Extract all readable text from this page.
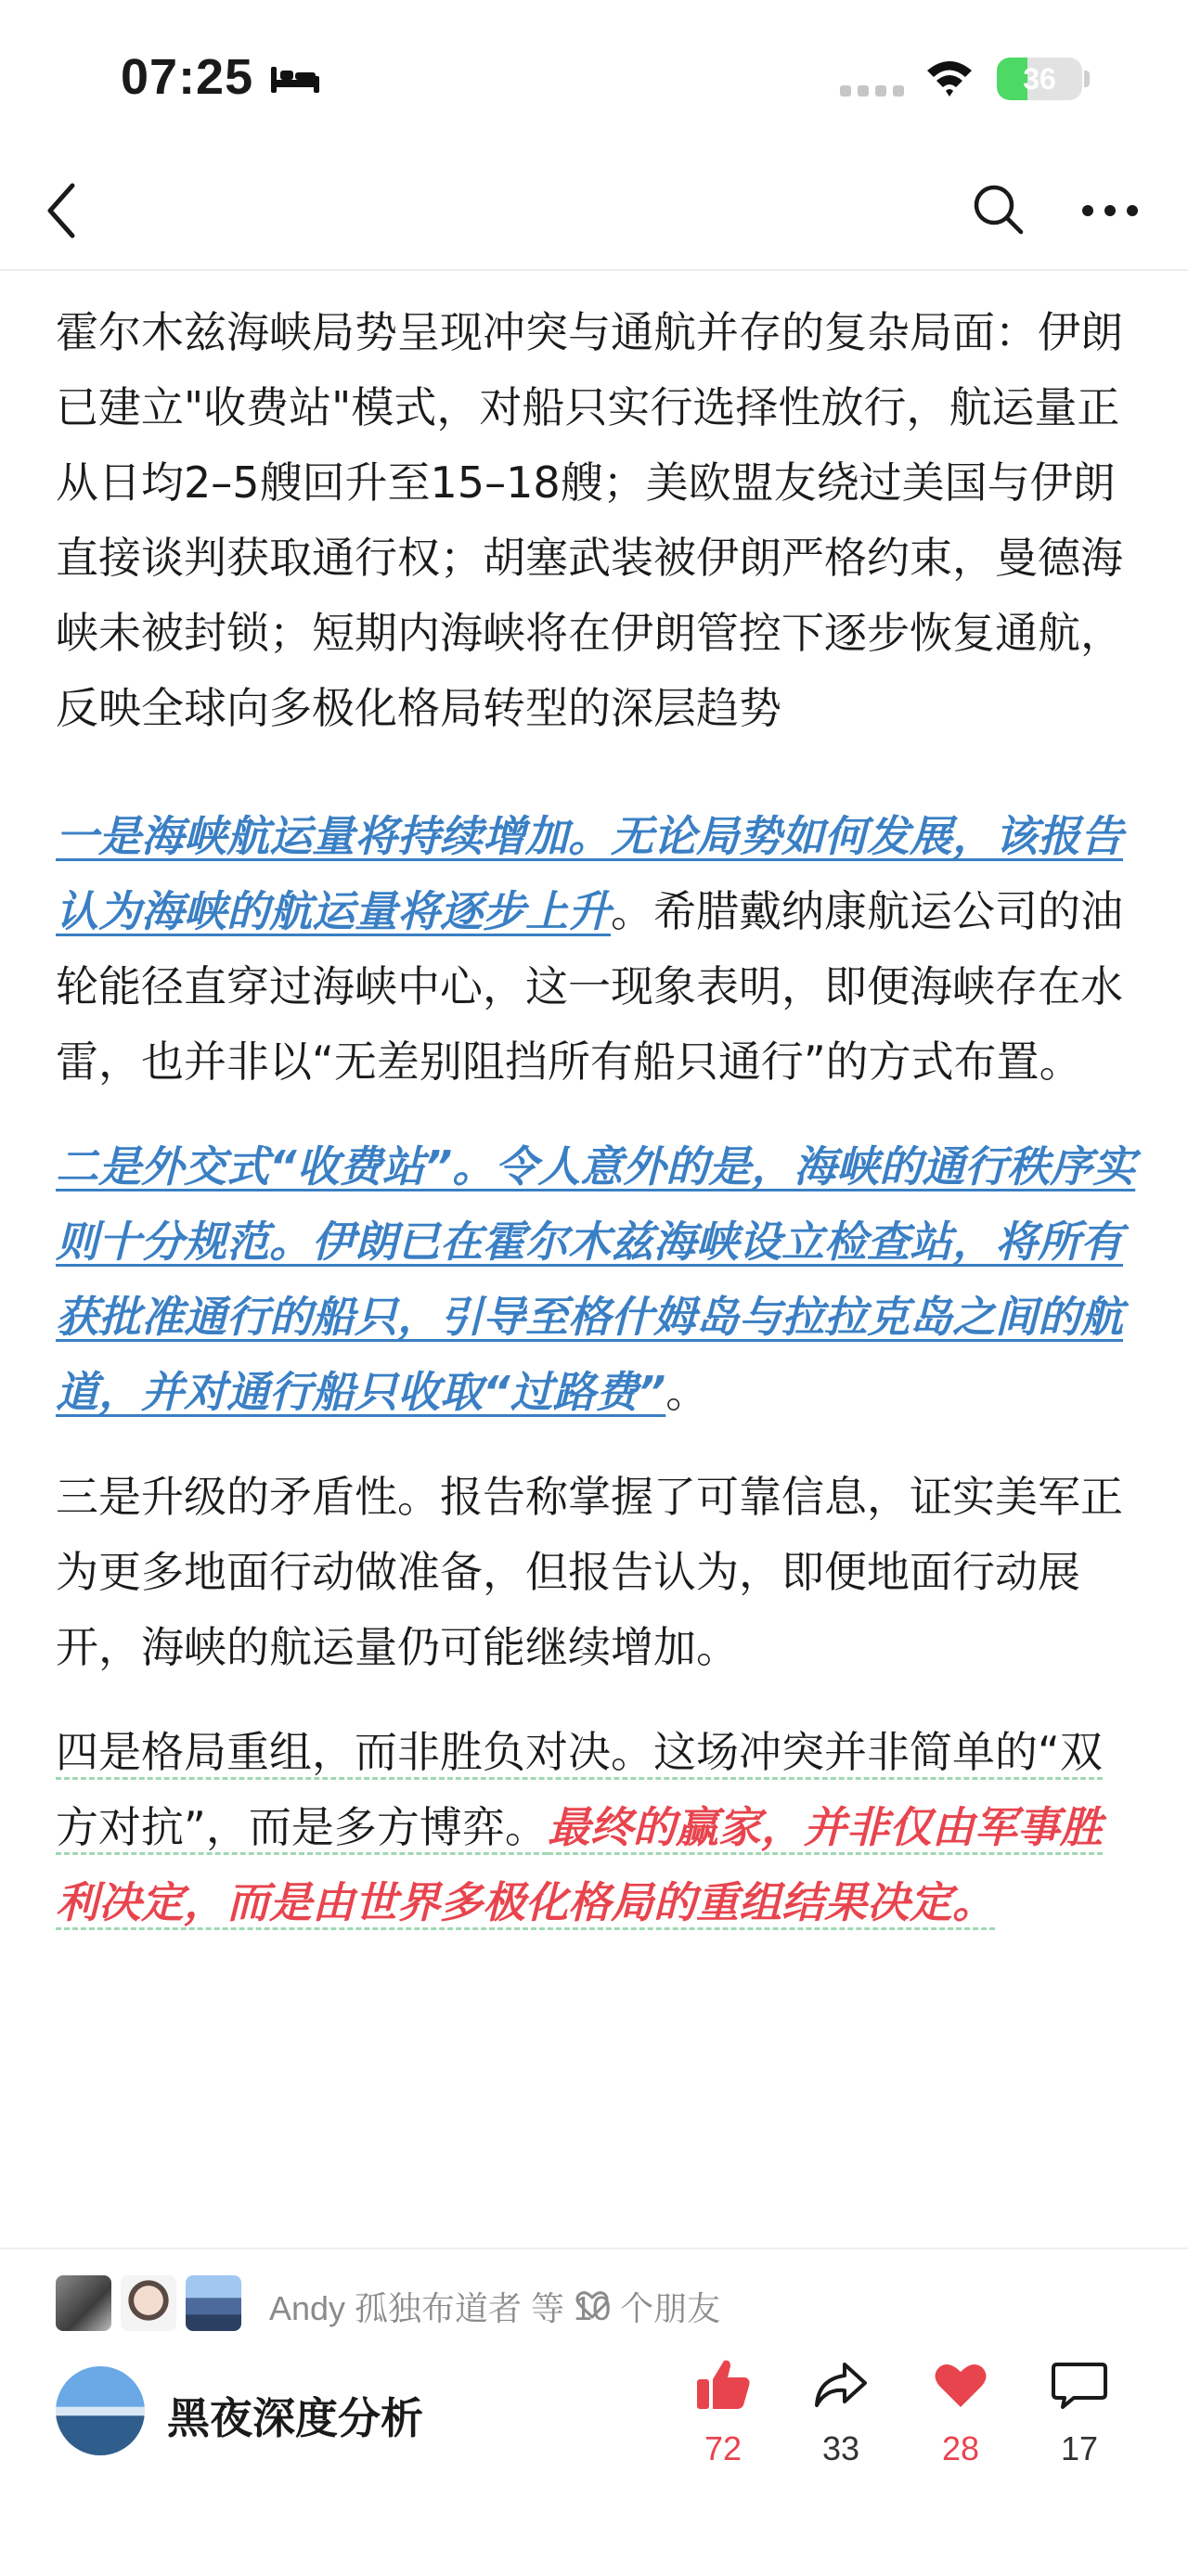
07:25	36

霍尔木兹海峡局势呈现冲突与通航并存的复杂局面：伊朗已建立"收费站"模式，对船只实行选择性放行，航运量正从日均2–5艘回升至15–18艘；美欧盟友绕过美国与伊朗直接谈判获取通行权；胡塞武装被伊朗严格约束，曼德海峡未被封锁；短期内海峡将在伊朗管控下逐步恢复通航，反映全球向多极化格局转型的深层趋势

一是海峡航运量将持续增加。无论局势如何发展，该报告认为海峡的航运量将逐步上升。希腊戴纳康航运公司的油轮能径直穿过海峡中心，这一现象表明，即便海峡存在水雷，也并非以“无差别阻挡所有船只通行”的方式布置。

二是外交式“收费站”。令人意外的是，海峡的通行秩序实则十分规范。伊朗已在霍尔木兹海峡设立检查站，将所有获批准通行的船只，引导至格什姆岛与拉拉克岛之间的航道，并对通行船只收取“过路费”。

三是升级的矛盾性。报告称掌握了可靠信息，证实美军正为更多地面行动做准备，但报告认为，即便地面行动展开，海峡的航运量仍可能继续增加。

四是格局重组，而非胜负对决。这场冲突并非简单的“双方对抗”，而是多方博弈。最终的赢家，并非仅由军事胜利决定，而是由世界多极化格局的重组结果决定。

Andy 孤独布道者 等 10 个朋友
黑夜深度分析
72	33	28	17
